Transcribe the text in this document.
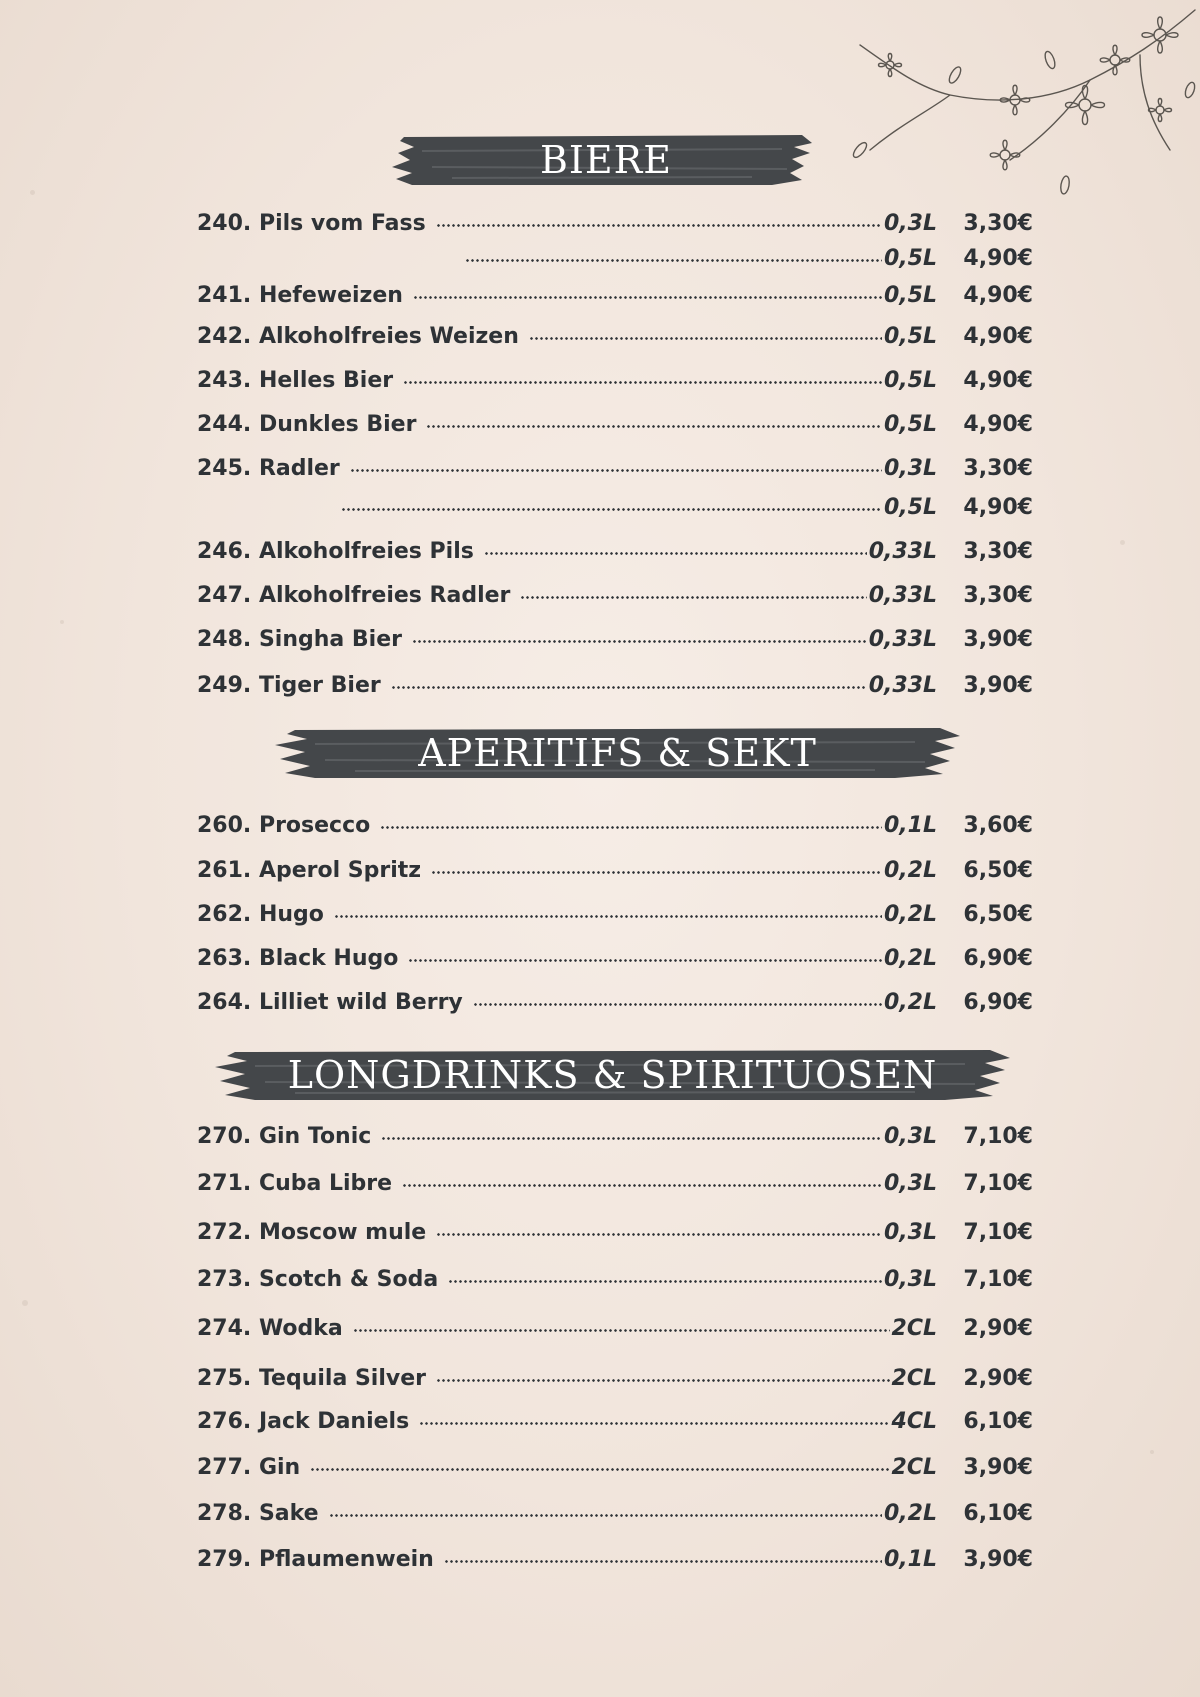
BIERE
240. Pils vom Fass	0,3L 3,30€
0,5L 4,90€
241. Hefeweizen	0,5L 4,90€
242. Alkoholfreies Weizen	0,5L 4,90€
243. Helles Bier	0,5L 4,90€
244. Dunkles Bier	0,5L 4,90€
245. Radler	0,3L 3,30€
0,5L 4,90€
246. Alkoholfreies Pils	0,33L 3,30€
247. Alkoholfreies Radler	0,33L 3,30€
248. Singha Bier	0,33L 3,90€
249. Tiger Bier	0,33L 3,90€
APERITIFS & SEKT
260. Prosecco	0,1L 3,60€
261. Aperol Spritz	0,2L 6,50€
262. Hugo	0,2L 6,50€
263. Black Hugo	0,2L 6,90€
264. Lilliet wild Berry	0,2L 6,90€
LONGDRINKS & SPIRITUOSEN
270. Gin Tonic	0,3L 7,10€
271. Cuba Libre	0,3L 7,10€
272. Moscow mule	0,3L 7,10€
273. Scotch & Soda	0,3L 7,10€
274. Wodka	2CL 2,90€
275. Tequila Silver	2CL 2,90€
276. Jack Daniels	4CL 6,10€
277. Gin	2CL 3,90€
278. Sake	0,2L 6,10€
279. Pflaumenwein	0,1L 3,90€
